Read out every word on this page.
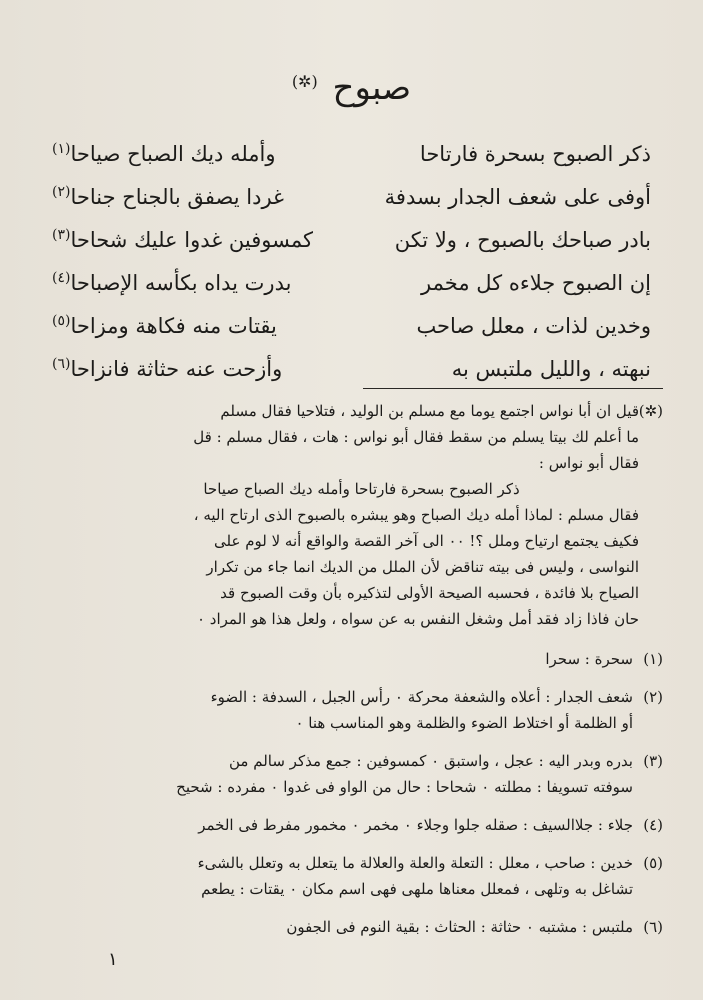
صبوح (✲)
ذكر الصبوح بسحرة فارتاحا
وأمله ديك الصباح صياحا$^{(١)}$
أوفى على شعف الجدار بسدفة
غردا يصفق بالجناح جناحا$^{(٢)}$
بادر صباحك بالصبوح ، ولا تكن
كمسوفين غدوا عليك شحاحا$^{(٣)}$
إن الصبوح جلاءه كل مخمر
بدرت يداه بكأسه الإصباحا$^{(٤)}$
وخدين لذات ، معلل صاحب
يقتات منه فكاهة ومزاحا$^{(٥)}$
نبهته ، والليل ملتبس به
وأزحت عنه حثاثة فانزاحا$^{(٦)}$
(✲)
قيل ان أبا نواس اجتمع يوما مع مسلم بن الوليد ، فتلاحيا فقال مسلم
ما أعلم لك بيتا يسلم من سقط فقال أبو نواس : هات ، فقال مسلم : قل
فقال أبو نواس :
ذكر الصبوح بسحرة فارتاحا وأمله ديك الصباح صياحا
فقال مسلم : لماذا أمله ديك الصباح وهو يبشره بالصبوح الذى ارتاح اليه ،
فكيف يجتمع ارتياح وملل ؟! ٠٠ الى آخر القصة والواقع أنه لا لوم على
النواسى ، وليس فى بيته تناقض لأن الملل من الديك انما جاء من تكرار
الصياح بلا فائدة ، فحسبه الصيحة الأولى لتذكيره بأن وقت الصبوح قد
حان فاذا زاد فقد أمل وشغل النفس به عن سواه ، ولعل هذا هو المراد ٠
(١)
سحرة : سحرا
(٢)
شعف الجدار : أعلاه والشعفة محركة ٠ رأس الجبل ، السدفة : الضوء
أو الظلمة أو اختلاط الضوء والظلمة وهو المناسب هنا ٠
(٣)
بدره وبدر اليه : عجل ، واستبق ٠ كمسوفين : جمع مذكر سالم من
سوفته تسويفا : مطلته ٠ شحاحا : حال من الواو فى غدوا ٠ مفرده : شحيح
(٤)
جلاء : جلاالسيف : صقله جلوا وجلاء ٠ مخمر ٠ مخمور مفرط فى الخمر
(٥)
خدين : صاحب ، معلل : التعلة والعلة والعلالة ما يتعلل به وتعلل بالشىء
تشاغل به وتلهى ، فمعلل معناها ملهى فهى اسم مكان ٠ يقتات : يطعم
(٦)
ملتبس : مشتبه ٠ حثاثة : الحثاث : بقية النوم فى الجفون
١
